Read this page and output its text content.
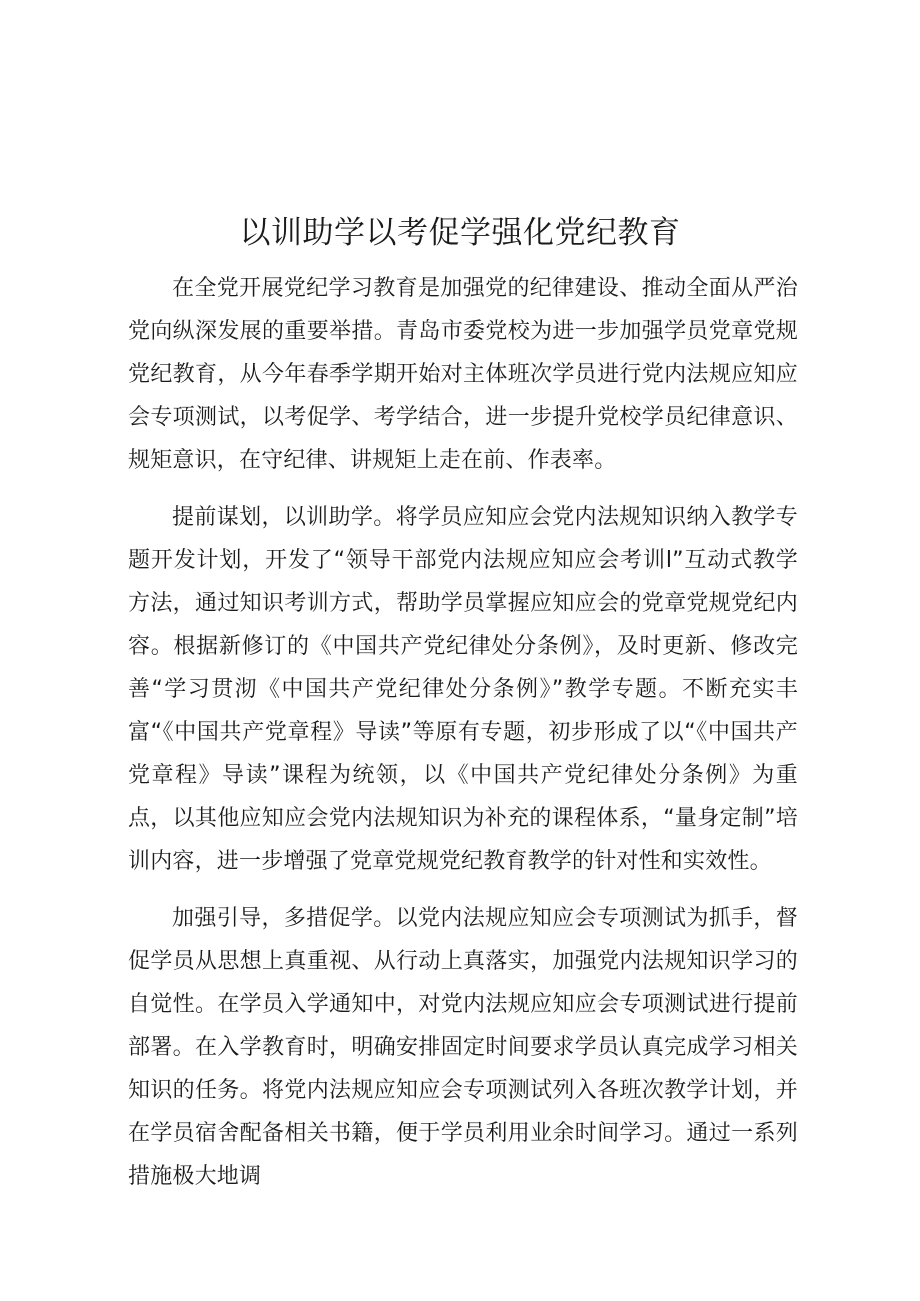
以训助学以考促学强化党纪教育

在全党开展党纪学习教育是加强党的纪律建设、推动全面从严治党向纵深发展的重要举措。青岛市委党校为进一步加强学员党章党规党纪教育，从今年春季学期开始对主体班次学员进行党内法规应知应会专项测试，以考促学、考学结合，进一步提升党校学员纪律意识、规矩意识，在守纪律、讲规矩上走在前、作表率。

提前谋划，以训助学。将学员应知应会党内法规知识纳入教学专题开发计划，开发了“领导干部党内法规应知应会考训l”互动式教学方法，通过知识考训方式，帮助学员掌握应知应会的党章党规党纪内容。根据新修订的《中国共产党纪律处分条例》，及时更新、修改完善“学习贯沏《中国共产党纪律处分条例》”教学专题。不断充实丰富“《中国共产党章程》导读”等原有专题，初步形成了以“《中国共产党章程》导读”课程为统领，以《中国共产党纪律处分条例》为重点，以其他应知应会党内法规知识为补充的课程体系，“量身定制”培训内容，进一步增强了党章党规党纪教育教学的针对性和实效性。

加强引导，多措促学。以党内法规应知应会专项测试为抓手，督促学员从思想上真重视、从行动上真落实，加强党内法规知识学习的自觉性。在学员入学通知中，对党内法规应知应会专项测试进行提前部署。在入学教育时，明确安排固定时间要求学员认真完成学习相关知识的任务。将党内法规应知应会专项测试列入各班次教学计划，并在学员宿舍配备相关书籍，便于学员利用业余时间学习。通过一系列措施极大地调
